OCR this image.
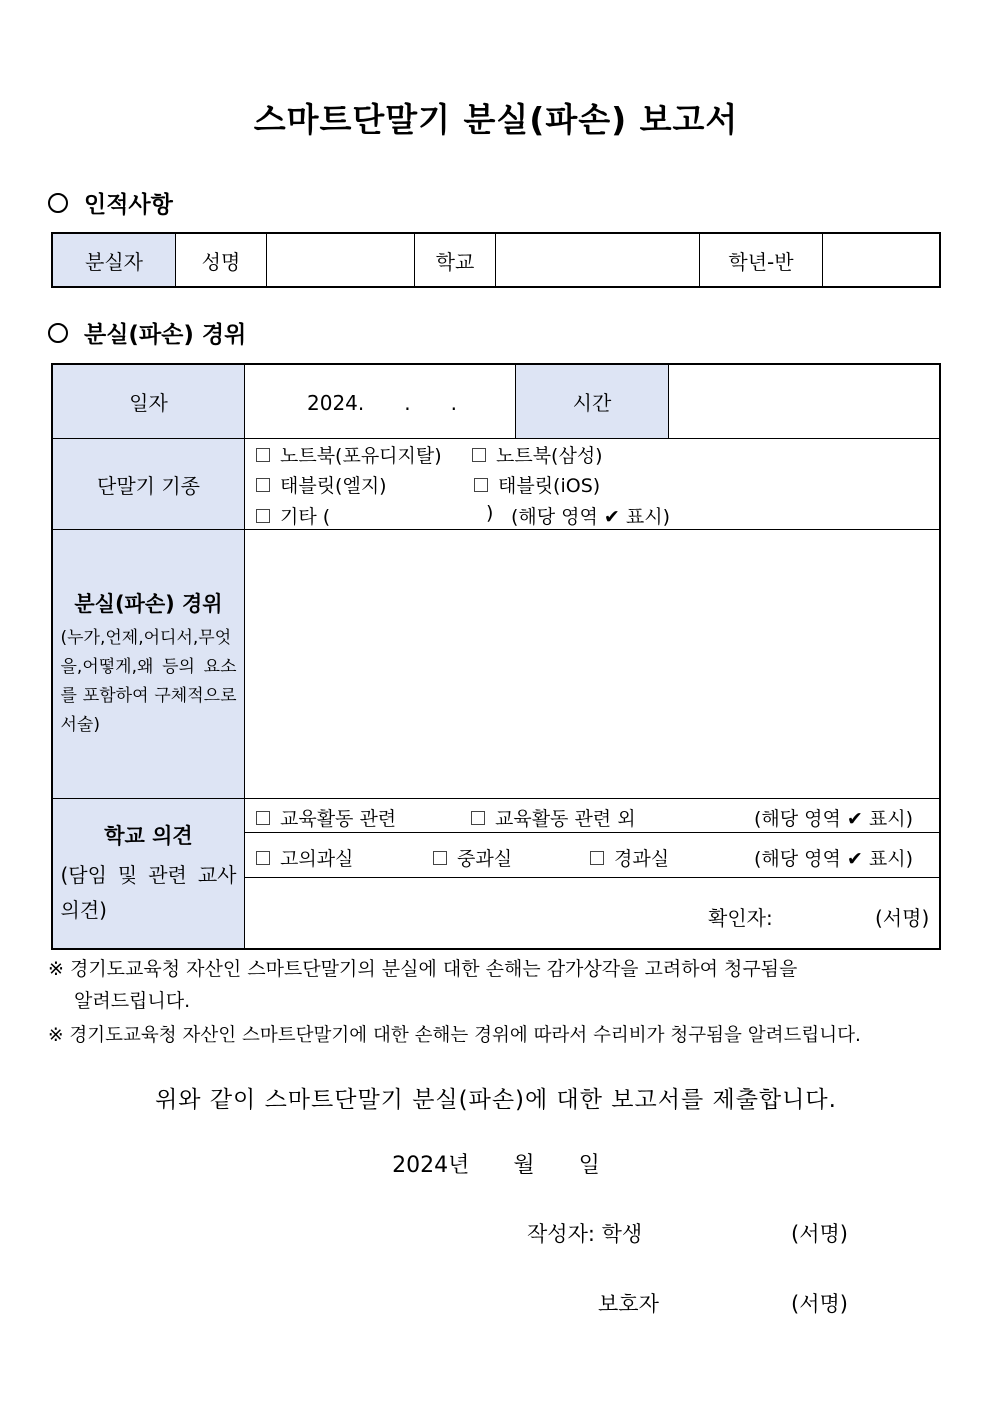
스마트단말기 분실(파손) 보고서
인적사항
분실자	성명	학교	학년-반
분실(파손) 경위
일자	2024.　　.　　.	시간
단말기 기종
노트북(포유디지탈)	노트북(삼성)
태블릿(엘지)	태블릿(iOS)
기타 (	) (해당 영역 ✔ 표시)
분실(파손) 경위
(누가,언제,어디서,무엇을,어떻게,왜 등의 요소를 포함하여 구체적으로 서술)
학교 의견
(담임 및 관련 교사 의견)
교육활동 관련	교육활동 관련 외	(해당 영역 ✔ 표시)
고의과실	중과실	경과실	(해당 영역 ✔ 표시)
확인자:	(서명)
※ 경기도교육청 자산인 스마트단말기의 분실에 대한 손해는 감가상각을 고려하여 청구됨을
알려드립니다.
※ 경기도교육청 자산인 스마트단말기에 대한 손해는 경위에 따라서 수리비가 청구됨을 알려드립니다.
위와 같이 스마트단말기 분실(파손)에 대한 보고서를 제출합니다.
2024년　　월　　일
작성자: 학생	(서명)
보호자	(서명)
